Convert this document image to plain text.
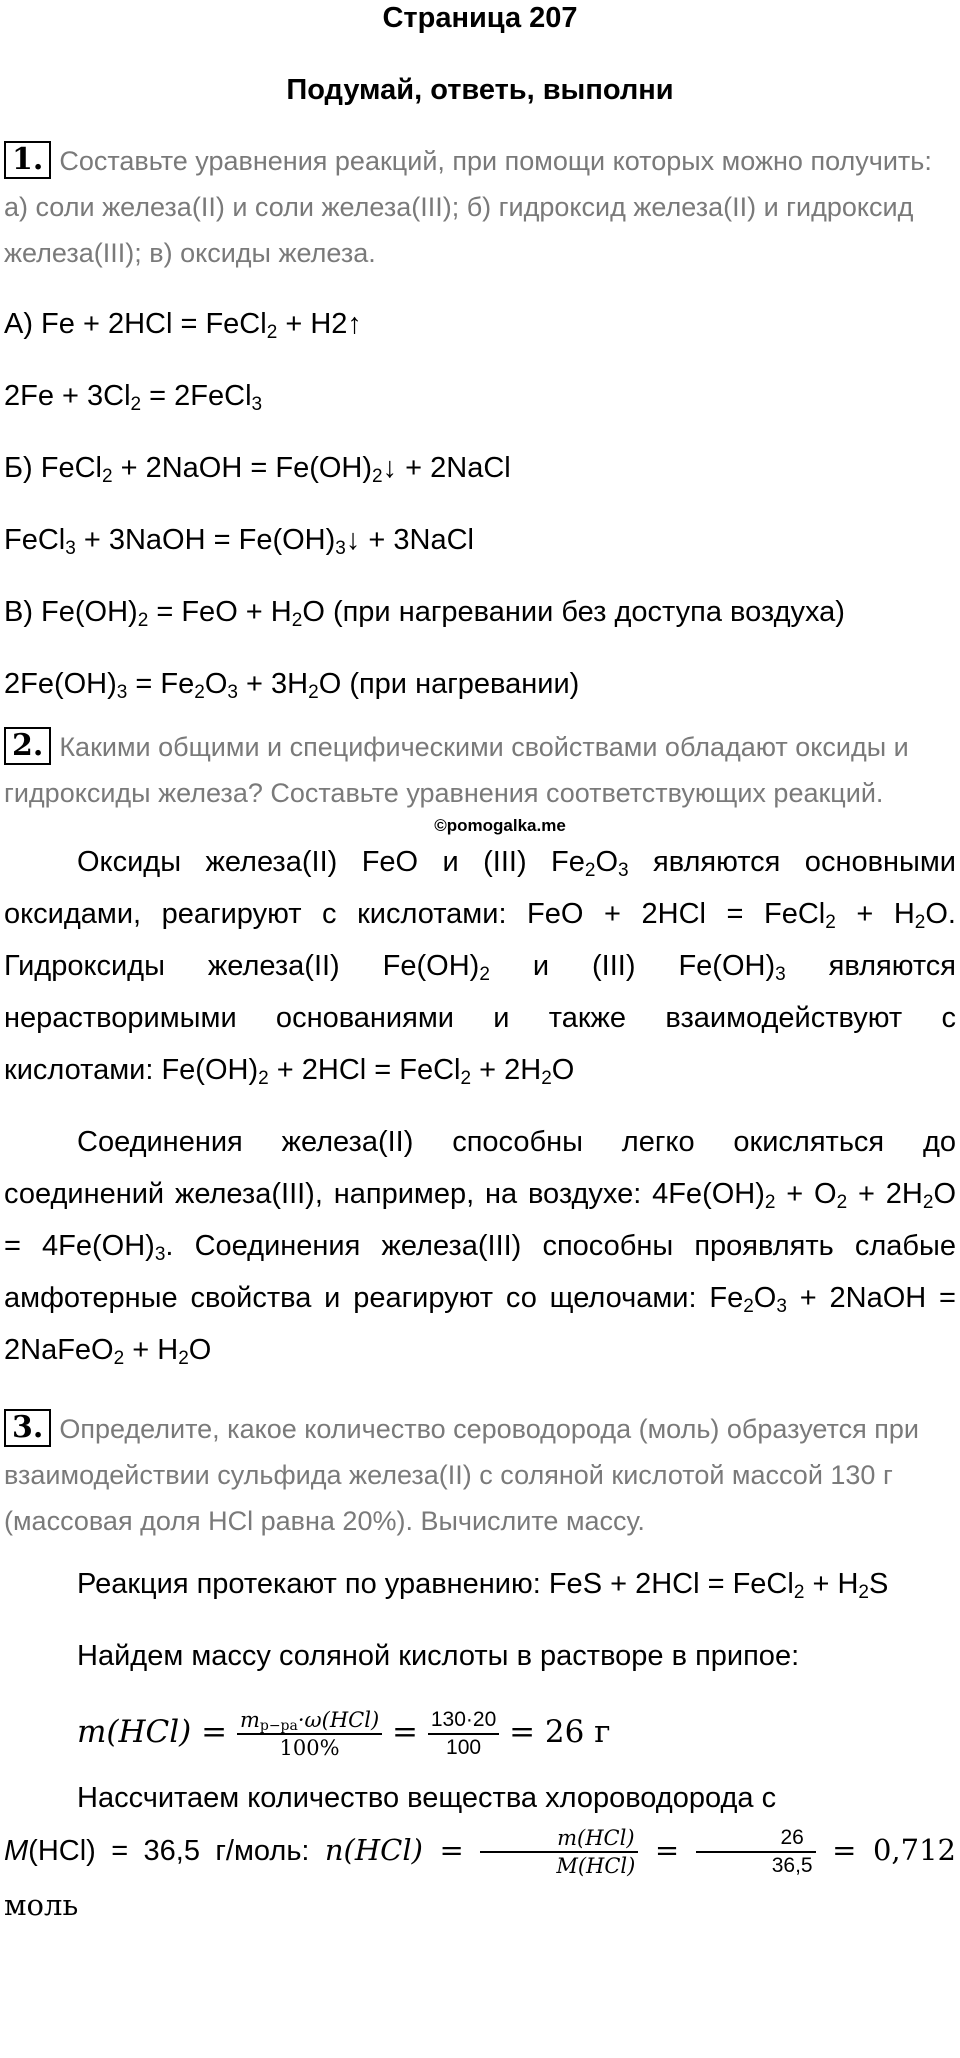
Страница 207
Подумай, ответь, выполни

1. Составьте уравнения реакций, при помощи которых можно получить: а) соли железа(II) и соли железа(III); б) гидроксид железа(II) и гидроксид железа(III); в) оксиды железа.

А) Fe + 2HCl = FeCl$_2$ + H2↑

$2Fe + 3Cl_2$ = 2FeCl$_3$

Б) FeCl$_2$ + 2NaOH = $Fe(OH)_2↓$ + 2NaCl

FeCl$_3$ + 3NaOH = $Fe(OH)_3↓$ + 3NaCl

В) $Fe(OH)_2$ = FeO + $H_2O$ (при нагревании без доступа воздуха)

$2Fe(OH)_3 = Fe_2O_3 + 3H_2O$ (при нагревании)

2. Какими общими и специфическими свойствами обладают оксиды и гидроксиды железа? Составьте уравнения соответствующих реакций.

©pomogalka.me

Оксиды железа(II) FeO и (III) $Fe_2O_3$ являются основными оксидами, реагируют с кислотами: FeO + 2HCl = FeCl$_2$ + $H_2O$. Гидроксиды железа(II) $Fe(OH)_2$ и (III) $Fe(OH)_3$ являются нерастворимыми основаниями и также взаимодействуют с кислотами: $Fe(OH)_2 + 2HCl$ = FeCl$_2$ + $2H_2O$

Соединения железа(II) способны легко окисляться до соединений железа(III), например, на воздухе: $4Fe(OH)_2 + O_2 + 2H_2O = 4Fe(OH)_3$. Соединения железа(III) способны проявлять слабые амфотерные свойства и реагируют со щелочами: $Fe_2O_3$ + 2NaOH = 2NaFeO$_2$ + $H_2O$

3. Определите, какое количество сероводорода (моль) образуется при взаимодействии сульфида железа(II) с соляной кислотой массой 130 г (массовая доля HCl равна 20%). Вычислите массу.

Реакция протекают по уравнению: FeS + 2HCl = FeCl$_2$ + $H_2S$

Найдем массу соляной кислоты в растворе в припое:

$m(HCl) = \frac{m_{р-ра}\cdot\omega(HCl)}{100\%} = \frac{130\cdot 20}{100} = 26$ г

Нассчитаем количество вещества хлороводорода с
M(HCl) = 36,5 г/моль: $n(HCl) = \frac{\text{m(HCl)}}{\text{M(HCl)}} = \frac{26}{36,5} = 0,712$ моль
